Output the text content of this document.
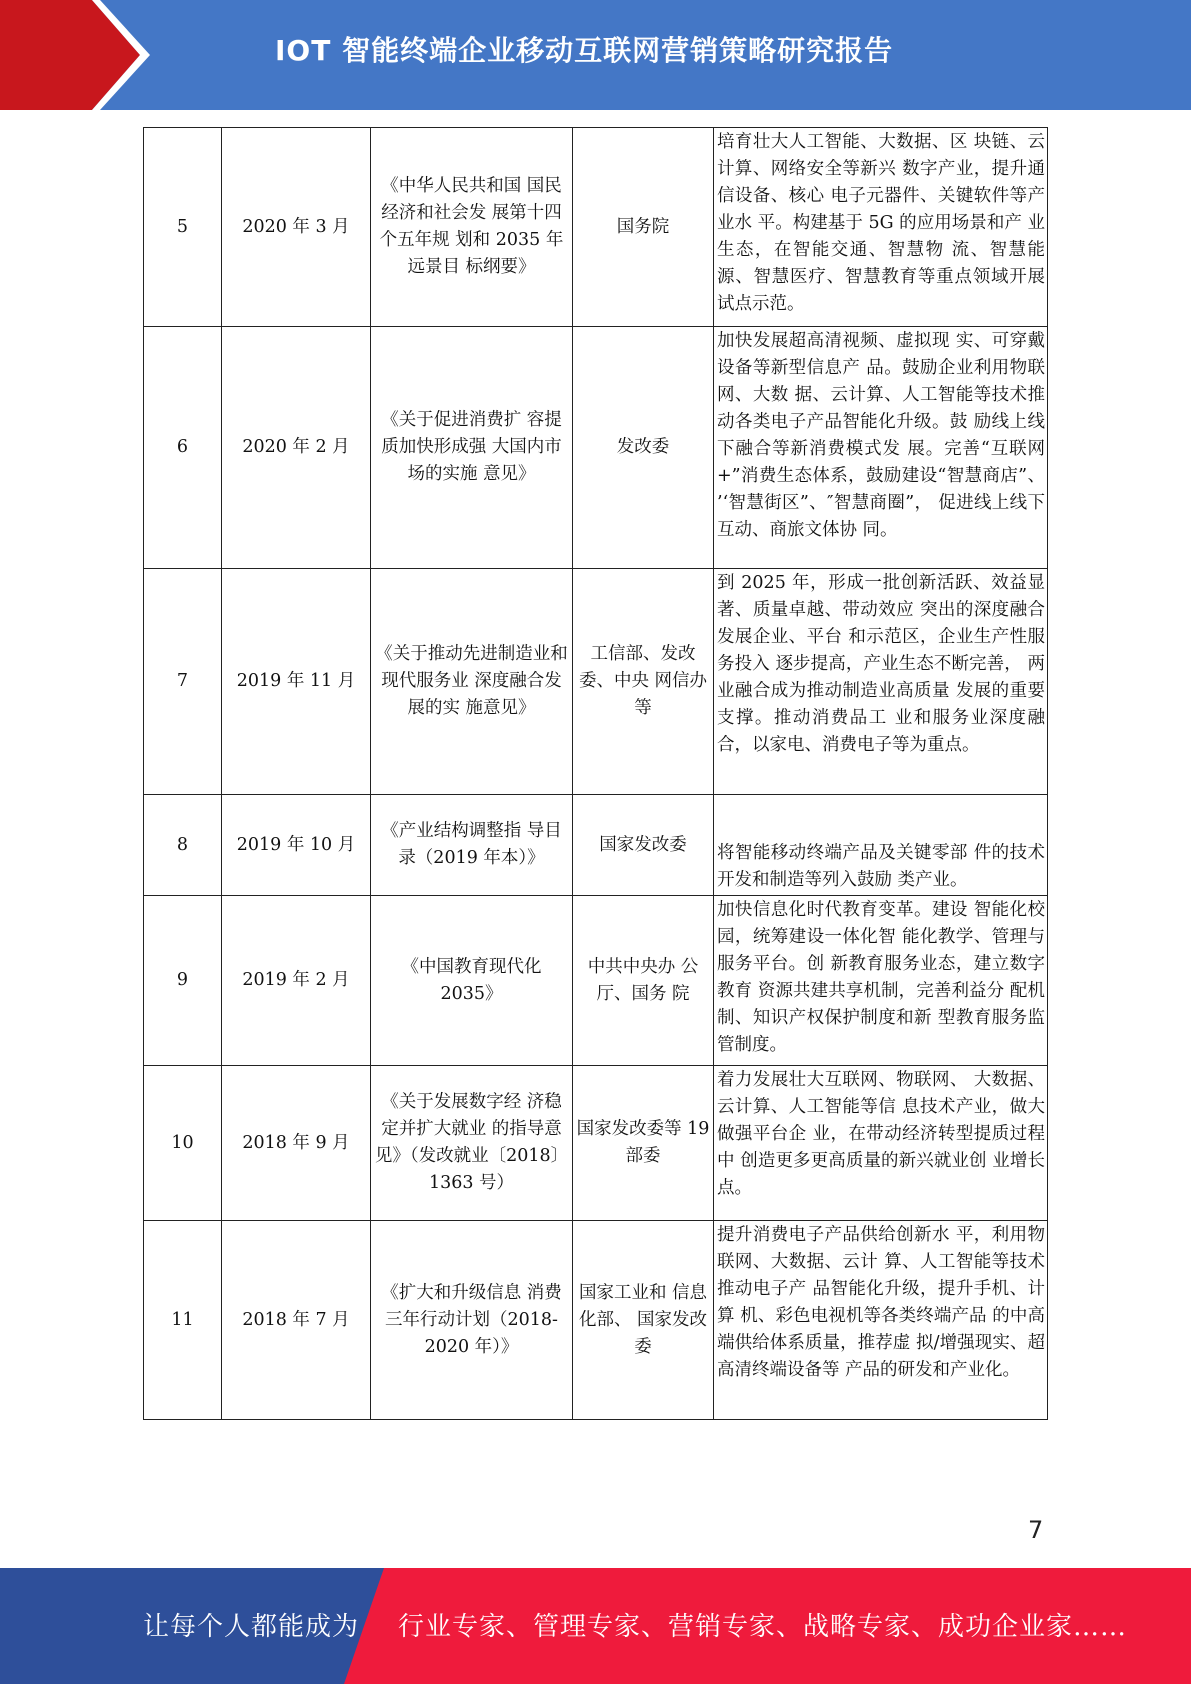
IOT 智能终端企业移动互联网营销策略研究报告
5	2020 年 3 月	《中华人民共和国 国民经济和社会发 展第十四个五年规 划和 2035 年远景目 标纲要》	国务院	培育壮大人工智能、大数据、区 块链、云计算、网络安全等新兴 数字产业，提升通信设备、核心 电子元器件、关键软件等产业水 平。构建基于 5G 的应用场景和产 业生态，在智能交通、智慧物 流、智慧能源、智慧医疗、智慧教育等重点领域开展试点示范。
6	2020 年 2 月	《关于促进消费扩 容提质加快形成强 大国内市场的实施 意见》	发改委	加快发展超高清视频、虚拟现 实、可穿戴设备等新型信息产 品。鼓励企业利用物联网、大数 据、云计算、人工智能等技术推 动各类电子产品智能化升级。鼓 励线上线下融合等新消费模式发 展。完善“互联网+”消费生态体系，鼓励建设“智慧商店”、 ’‘智慧街区”、″智慧商圈”， 促进线上线下互动、商旅文体协 同。
7	2019 年 11 月	《关于推动先进制造业和现代服务业 深度融合发展的实 施意见》	工信部、发改委、中央 网信办等	到 2025 年，形成一批创新活跃、效益显著、质量卓越、带动效应 突出的深度融合发展企业、平台 和示范区，企业生产性服务投入 逐步提高，产业生态不断完善， 两业融合成为推动制造业高质量 发展的重要支撑。推动消费品工 业和服务业深度融合，以家电、消费电子等为重点。
8	2019 年 10 月	《产业结构调整指 导目录（2019 年本）》	国家发改委	将智能移动终端产品及关键零部 件的技术开发和制造等列入鼓励 类产业。
9	2019 年 2 月	《中国教育现代化 2035》	中共中央办 公厅、国务 院	加快信息化时代教育变革。建设 智能化校园，统筹建设一体化智 能化教学、管理与服务平台。创 新教育服务业态，建立数字教育 资源共建共享机制，完善利益分 配机制、知识产权保护制度和新 型教育服务监管制度。
10	2018 年 9 月	《关于发展数字经 济稳定并扩大就业 的指导意见》（发改就业〔2018〕 1363 号）	国家发改委等 19 部委	着力发展壮大互联网、物联网、 大数据、云计算、人工智能等信 息技术产业，做大做强平台企 业，在带动经济转型提质过程中 创造更多更高质量的新兴就业创 业增长点。
11	2018 年 7 月	《扩大和升级信息 消费三年行动计划（2018-2020 年）》	国家工业和 信息化部、 国家发改委	提升消费电子产品供给创新水 平，利用物联网、大数据、云计 算、人工智能等技术推动电子产 品智能化升级，提升手机、计算 机、彩色电视机等各类终端产品 的中高端供给体系质量，推荐虚 拟/增强现实、超高清终端设备等 产品的研发和产业化。
7
让每个人都能成为 行业专家、管理专家、营销专家、战略专家、成功企业家……
